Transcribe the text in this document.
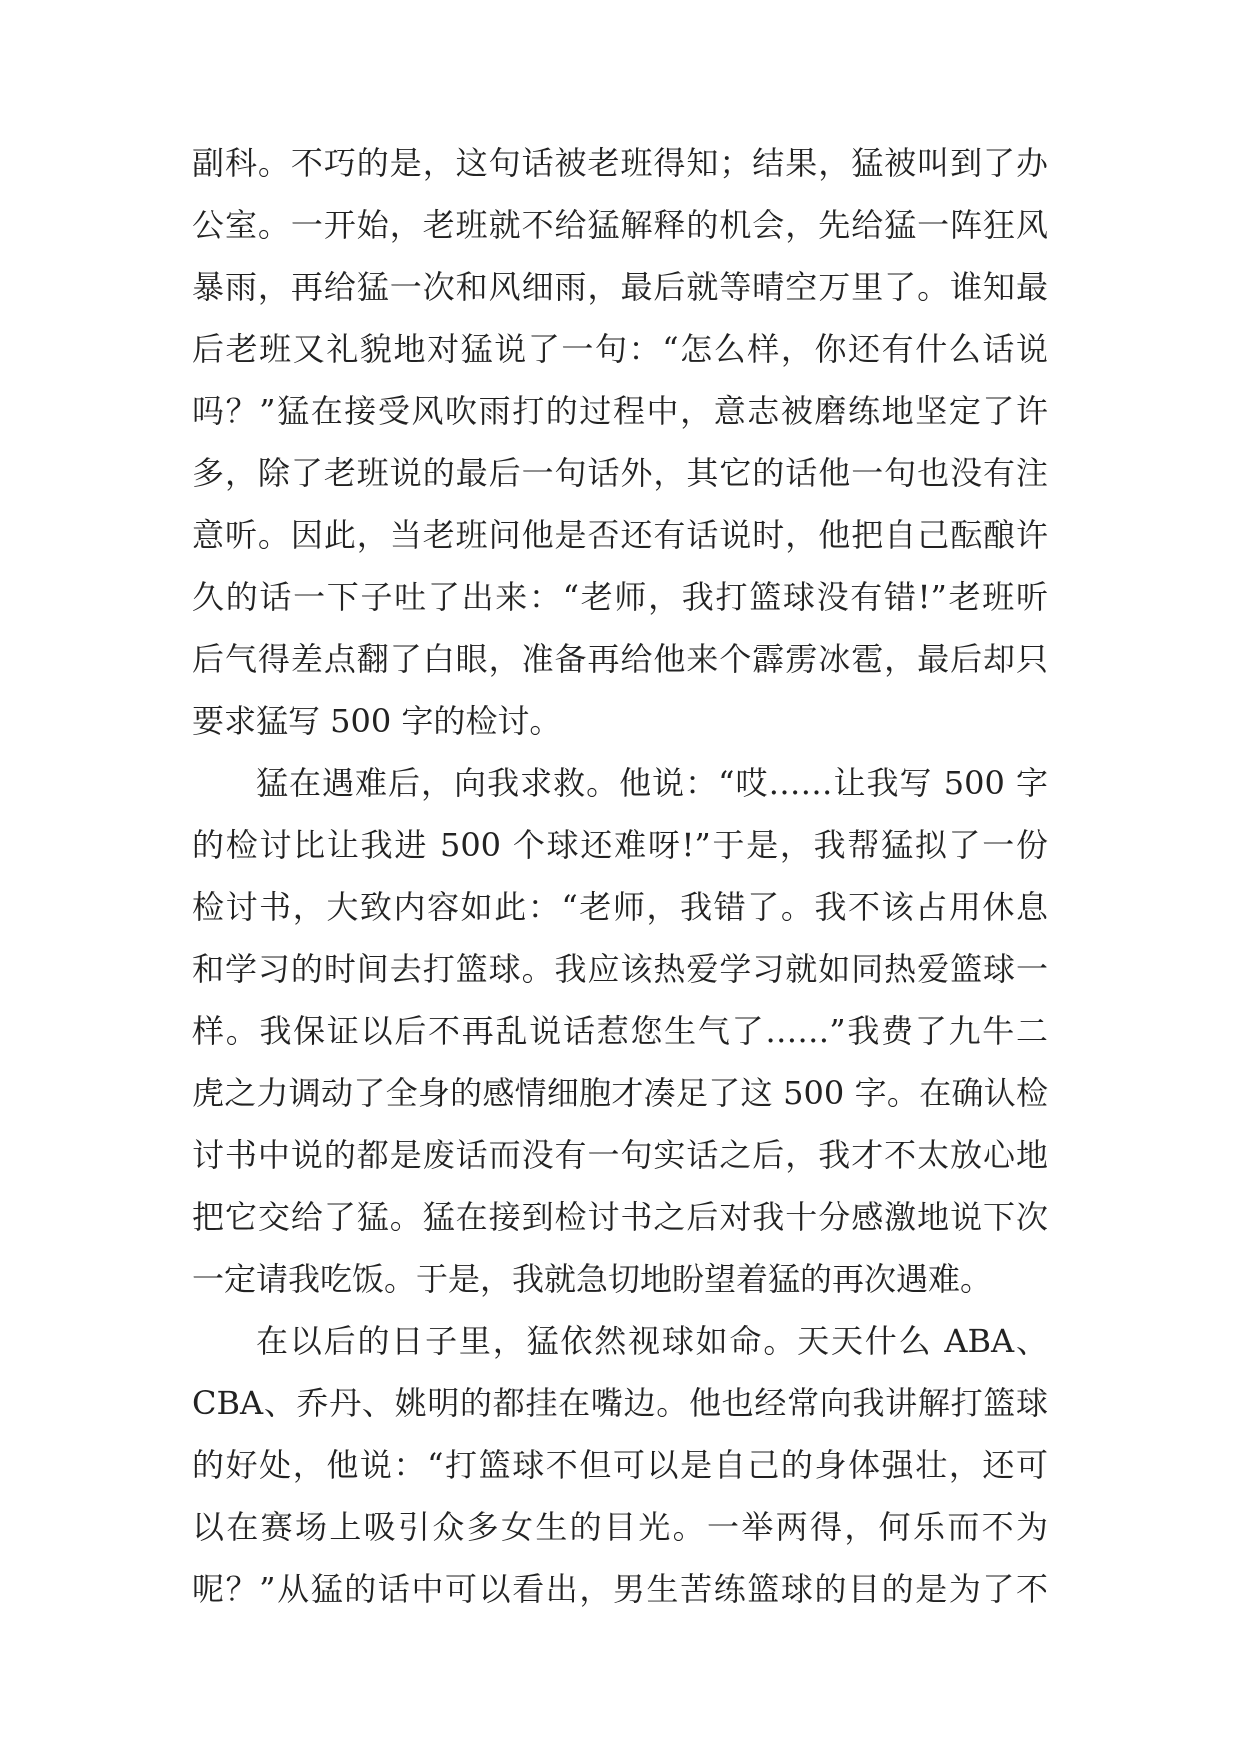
副科。不巧的是，这句话被老班得知；结果，猛被叫到了办
公室。一开始，老班就不给猛解释的机会，先给猛一阵狂风
暴雨，再给猛一次和风细雨，最后就等晴空万里了。谁知最
后老班又礼貌地对猛说了一句：“怎么样，你还有什么话说
吗？”猛在接受风吹雨打的过程中，意志被磨练地坚定了许
多，除了老班说的最后一句话外，其它的话他一句也没有注
意听。因此，当老班问他是否还有话说时，他把自己酝酿许
久的话一下子吐了出来：“老师，我打篮球没有错!”老班听
后气得差点翻了白眼，准备再给他来个霹雳冰雹，最后却只
要求猛写 500 字的检讨。
猛在遇难后，向我求救。他说：“哎……让我写 500 字
的检讨比让我进 500 个球还难呀!”于是，我帮猛拟了一份
检讨书，大致内容如此：“老师，我错了。我不该占用休息
和学习的时间去打篮球。我应该热爱学习就如同热爱篮球一
样。我保证以后不再乱说话惹您生气了……”我费了九牛二
虎之力调动了全身的感情细胞才凑足了这 500 字。在确认检
讨书中说的都是废话而没有一句实话之后，我才不太放心地
把它交给了猛。猛在接到检讨书之后对我十分感激地说下次
一定请我吃饭。于是，我就急切地盼望着猛的再次遇难。
在以后的日子里，猛依然视球如命。天天什么 ABA、
CBA、乔丹、姚明的都挂在嘴边。他也经常向我讲解打篮球
的好处，他说：“打篮球不但可以是自己的身体强壮，还可
以在赛场上吸引众多女生的目光。一举两得，何乐而不为
呢？”从猛的话中可以看出，男生苦练篮球的目的是为了不
